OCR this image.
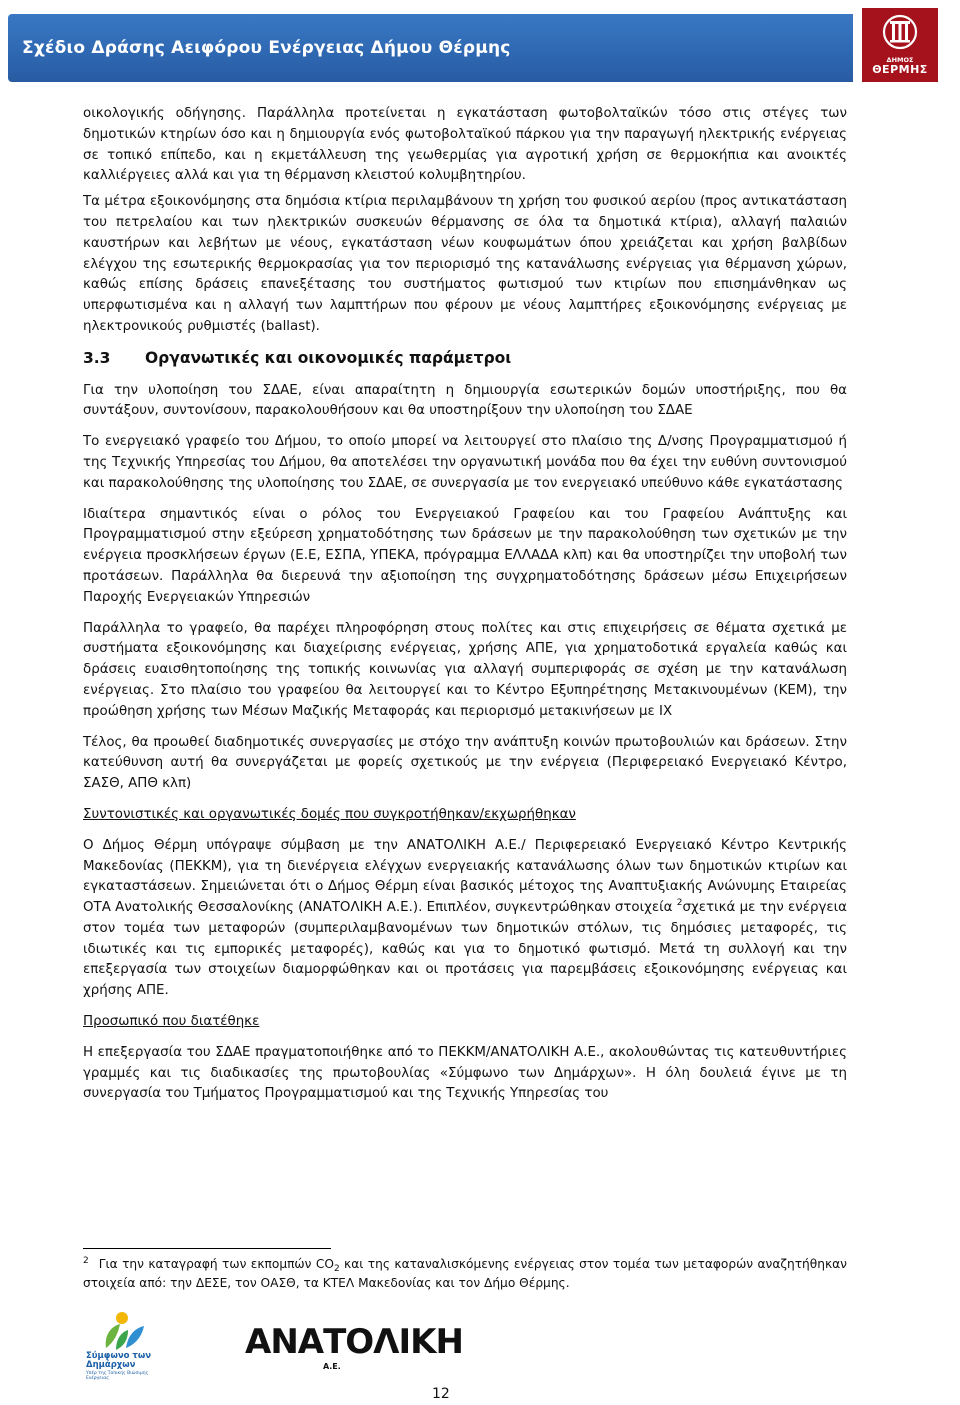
Σχέδιο Δράσης Αειφόρου Ενέργειας Δήμου Θέρμης
ΔΗΜΟΣ
ΘΕΡΜΗΣ

οικολογικής οδήγησης. Παράλληλα προτείνεται η εγκατάσταση φωτοβολταϊκών τόσο στις στέγες των δημοτικών κτηρίων όσο και η δημιουργία ενός φωτοβολταϊκού πάρκου για την παραγωγή ηλεκτρικής ενέργειας σε τοπικό επίπεδο, και η εκμετάλλευση της γεωθερμίας για αγροτική χρήση σε θερμοκήπια και ανοικτές καλλιέργειες αλλά και για τη θέρμανση κλειστού κολυμβητηρίου.

Τα μέτρα εξοικονόμησης στα δημόσια κτίρια περιλαμβάνουν τη χρήση του φυσικού αερίου (προς αντικατάσταση του πετρελαίου και των ηλεκτρικών συσκευών θέρμανσης σε όλα τα δημοτικά κτίρια), αλλαγή παλαιών καυστήρων και λεβήτων με νέους, εγκατάσταση νέων κουφωμάτων όπου χρειάζεται και χρήση βαλβίδων ελέγχου της εσωτερικής θερμοκρασίας για τον περιορισμό της κατανάλωσης ενέργειας για θέρμανση χώρων, καθώς επίσης δράσεις επανεξέτασης του συστήματος φωτισμού των κτιρίων που επισημάνθηκαν ως υπερφωτισμένα και η αλλαγή των λαμπτήρων που φέρουν με νέους λαμπτήρες εξοικονόμησης ενέργειας με ηλεκτρονικούς ρυθμιστές (ballast).

3.3	Οργανωτικές και οικονομικές παράμετροι

Για την υλοποίηση του ΣΔΑΕ, είναι απαραίτητη η δημιουργία εσωτερικών δομών υποστήριξης, που θα συντάξουν, συντονίσουν, παρακολουθήσουν και θα υποστηρίξουν την υλοποίηση του ΣΔΑΕ

Το ενεργειακό γραφείο του Δήμου, το οποίο μπορεί να λειτουργεί στο πλαίσιο της Δ/νσης Προγραμματισμού ή της Τεχνικής Υπηρεσίας του Δήμου, θα αποτελέσει την οργανωτική μονάδα που θα έχει την ευθύνη συντονισμού και παρακολούθησης της υλοποίησης του ΣΔΑΕ, σε συνεργασία με τον ενεργειακό υπεύθυνο κάθε εγκατάστασης

Ιδιαίτερα σημαντικός είναι ο ρόλος του Ενεργειακού Γραφείου και του Γραφείου Ανάπτυξης και Προγραμματισμού στην εξεύρεση χρηματοδότησης των δράσεων με την παρακολούθηση των σχετικών με την ενέργεια προσκλήσεων έργων (Ε.Ε, ΕΣΠΑ, ΥΠΕΚΑ, πρόγραμμα ΕΛΛΑΔΑ κλπ) και θα υποστηρίζει την υποβολή των προτάσεων. Παράλληλα θα διερευνά την αξιοποίηση της συγχρηματοδότησης δράσεων μέσω Επιχειρήσεων Παροχής Ενεργειακών Υπηρεσιών

Παράλληλα το γραφείο, θα παρέχει πληροφόρηση στους πολίτες και στις επιχειρήσεις σε θέματα σχετικά με συστήματα εξοικονόμησης και διαχείρισης ενέργειας, χρήσης ΑΠΕ, για χρηματοδοτικά εργαλεία καθώς και δράσεις ευαισθητοποίησης της τοπικής κοινωνίας για αλλαγή συμπεριφοράς σε σχέση με την κατανάλωση ενέργειας. Στο πλαίσιο του γραφείου θα λειτουργεί και το Κέντρο Εξυπηρέτησης Μετακινουμένων (ΚΕΜ), την προώθηση χρήσης των Μέσων Μαζικής Μεταφοράς και περιορισμό μετακινήσεων με ΙΧ

Τέλος, θα προωθεί διαδημοτικές συνεργασίες με στόχο την ανάπτυξη κοινών πρωτοβουλιών και δράσεων. Στην κατεύθυνση αυτή θα συνεργάζεται με φορείς σχετικούς με την ενέργεια (Περιφερειακό Ενεργειακό Κέντρο, ΣΑΣΘ, ΑΠΘ κλπ)

Συντονιστικές και οργανωτικές δομές που συγκροτήθηκαν/εκχωρήθηκαν

Ο Δήμος Θέρμη υπόγραψε σύμβαση με την ΑΝΑΤΟΛΙΚΗ Α.Ε./ Περιφερειακό Ενεργειακό Κέντρο Κεντρικής Μακεδονίας (ΠΕΚΚΜ), για τη διενέργεια ελέγχων ενεργειακής κατανάλωσης όλων των δημοτικών κτιρίων και εγκαταστάσεων. Σημειώνεται ότι ο Δήμος Θέρμη είναι βασικός μέτοχος της Αναπτυξιακής Ανώνυμης Εταιρείας ΟΤΑ Ανατολικής Θεσσαλονίκης (ΑΝΑΤΟΛΙΚΗ Α.Ε.). Επιπλέον, συγκεντρώθηκαν στοιχεία $^2$σχετικά με την ενέργεια στον τομέα των μεταφορών (συμπεριλαμβανομένων των δημοτικών στόλων, τις δημόσιες μεταφορές, τις ιδιωτικές και τις εμπορικές μεταφορές), καθώς και για το δημοτικό φωτισμό. Μετά τη συλλογή και την επεξεργασία των στοιχείων διαμορφώθηκαν και οι προτάσεις για παρεμβάσεις εξοικονόμησης ενέργειας και χρήσης ΑΠΕ.

Προσωπικό που διατέθηκε

Η επεξεργασία του ΣΔΑΕ πραγματοποιήθηκε από το ΠΕΚΚΜ/ΑΝΑΤΟΛΙΚΗ Α.Ε., ακολουθώντας τις κατευθυντήριες γραμμές και τις διαδικασίες της πρωτοβουλίας «Σύμφωνο των Δημάρχων». Η όλη δουλειά έγινε με τη συνεργασία του Τμήματος Προγραμματισμού και της Τεχνικής Υπηρεσίας του

$^2$ Για την καταγραφή των εκπομπών $CO_2$ και της καταναλισκόμενης ενέργειας στον τομέα των μεταφορών αναζητήθηκαν στοιχεία από: την ΔΕΣΕ, τον ΟΑΣΘ, τα ΚΤΕΛ Μακεδονίας και τον Δήμο Θέρμης.
Σύμφωνο των Δημάρχων
Υπέρ της Τοπικής Βιώσιμης Ενέργειας
ΑΝΑΤΟΛΙΚΗ
Α.Ε.
12
